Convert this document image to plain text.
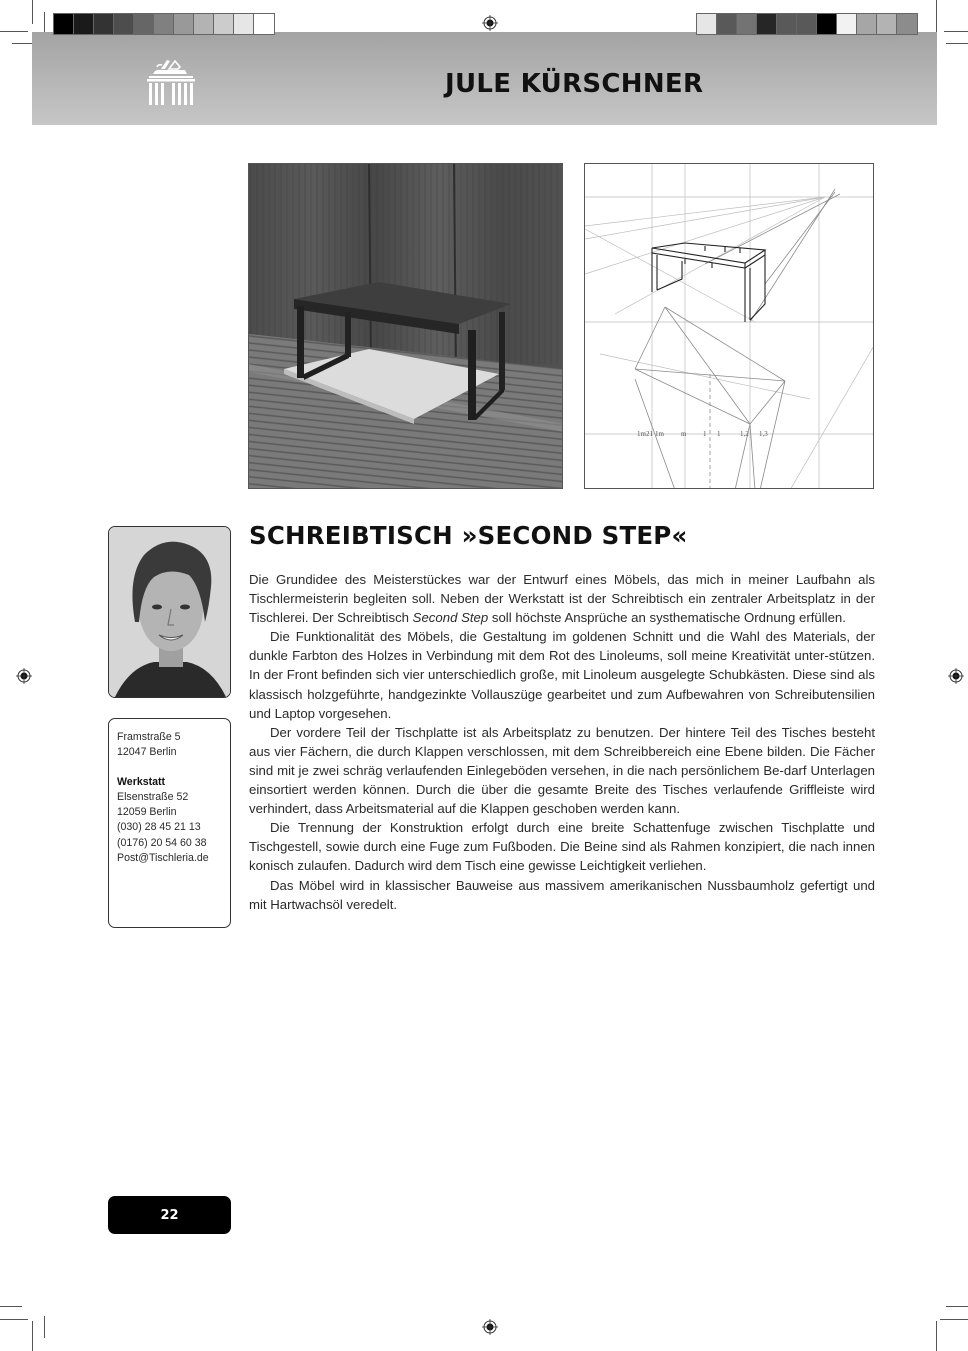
JULE KÜRSCHNER
1m21 1m m 1 1	1,2 1,3
Framstraße 5
12047 Berlin
Werkstatt
Elsenstraße 52
12059 Berlin
(030) 28 45 21 13
(0176) 20 54 60 38
Post@Tischleria.de
SCHREIBTISCH »SECOND STEP«

Die Grundidee des Meisterstückes war der Entwurf eines Möbels, das mich in meiner Laufbahn als Tischlermeisterin begleiten soll. Neben der Werkstatt ist der Schreibtisch ein zentraler Arbeitsplatz in der Tischlerei. Der Schreibtisch Second Step soll höchste Ansprüche an systhematische Ordnung erfüllen.

Die Funktionalität des Möbels, die Gestaltung im goldenen Schnitt und die Wahl des Materials, der dunkle Farbton des Holzes in Verbindung mit dem Rot des Linoleums, soll meine Kreativität unter-stützen. In der Front befinden sich vier unterschiedlich große, mit Linoleum ausgelegte Schubkästen. Diese sind als klassisch holzgeführte, handgezinkte Vollauszüge gearbeitet und zum Aufbewahren von Schreibutensilien und Laptop vorgesehen.

Der vordere Teil der Tischplatte ist als Arbeitsplatz zu benutzen. Der hintere Teil des Tisches besteht aus vier Fächern, die durch Klappen verschlossen, mit dem Schreibbereich eine Ebene bilden. Die Fächer sind mit je zwei schräg verlaufenden Einlegeböden versehen, in die nach persönlichem Be-darf Unterlagen einsortiert werden können. Durch die über die gesamte Breite des Tisches verlaufende Griffleiste wird verhindert, dass Arbeitsmaterial auf die Klappen geschoben werden kann.

Die Trennung der Konstruktion erfolgt durch eine breite Schattenfuge zwischen Tischplatte und Tischgestell, sowie durch eine Fuge zum Fußboden. Die Beine sind als Rahmen konzipiert, die nach innen konisch zulaufen. Dadurch wird dem Tisch eine gewisse Leichtigkeit verliehen.

Das Möbel wird in klassischer Bauweise aus massivem amerikanischen Nussbaumholz gefertigt und mit Hartwachsöl veredelt.

22
